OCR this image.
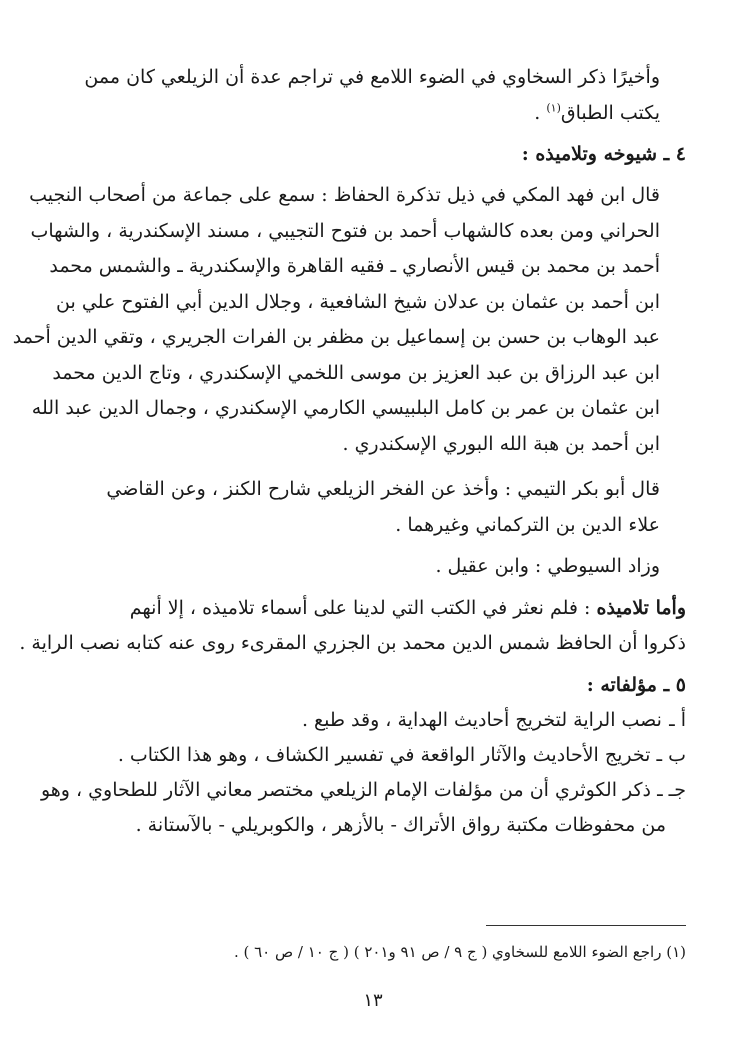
وأخيرًا ذكر السخاوي في الضوء اللامع في تراجم عدة أن الزيلعي كان ممن
يكتب الطباق$^{(١)}$ .

٤ ـ شيوخه وتلاميذه :

قال ابن فهد المكي في ذيل تذكرة الحفاظ : سمع على جماعة من أصحاب النجيب
الحراني ومن بعده كالشهاب أحمد بن فتوح التجيبي ، مسند الإسكندرية ، والشهاب
أحمد بن محمد بن قيس الأنصاري ـ فقيه القاهرة والإسكندرية ـ والشمس محمد
ابن أحمد بن عثمان بن عدلان شيخ الشافعية ، وجلال الدين أبي الفتوح علي بن
عبد الوهاب بن حسن بن إسماعيل بن مظفر بن الفرات الجريري ، وتقي الدين أحمد
ابن عبد الرزاق بن عبد العزيز بن موسى اللخمي الإسكندري ، وتاج الدين محمد
ابن عثمان بن عمر بن كامل البلبيسي الكارمي الإسكندري ، وجمال الدين عبد الله
ابن أحمد بن هبة الله البوري الإسكندري .

قال أبو بكر التيمي : وأخذ عن الفخر الزيلعي شارح الكنز ، وعن القاضي
علاء الدين بن التركماني وغيرهما .

وزاد السيوطي : وابن عقيل .

وأما تلاميذه : فلم نعثر في الكتب التي لدينا على أسماء تلاميذه ، إلا أنهم
ذكروا أن الحافظ شمس الدين محمد بن الجزري المقرىء روى عنه كتابه نصب الراية .

٥ ـ مؤلفاته :

أ ـ نصب الراية لتخريج أحاديث الهداية ، وقد طبع .

ب ـ تخريج الأحاديث والآثار الواقعة في تفسير الكشاف ، وهو هذا الكتاب .

جـ ـ ذكر الكوثري أن من مؤلفات الإمام الزيلعي مختصر معاني الآثار للطحاوي ، وهو

من محفوظات مكتبة رواق الأتراك - بالأزهر ، والكوبريلي - بالآستانة .

(١) راجع الضوء اللامع للسخاوي ( ج ٩ / ص ٩١ و٢٠١ ) ( ج ١٠ / ص ٦٠ ) .
١٣
